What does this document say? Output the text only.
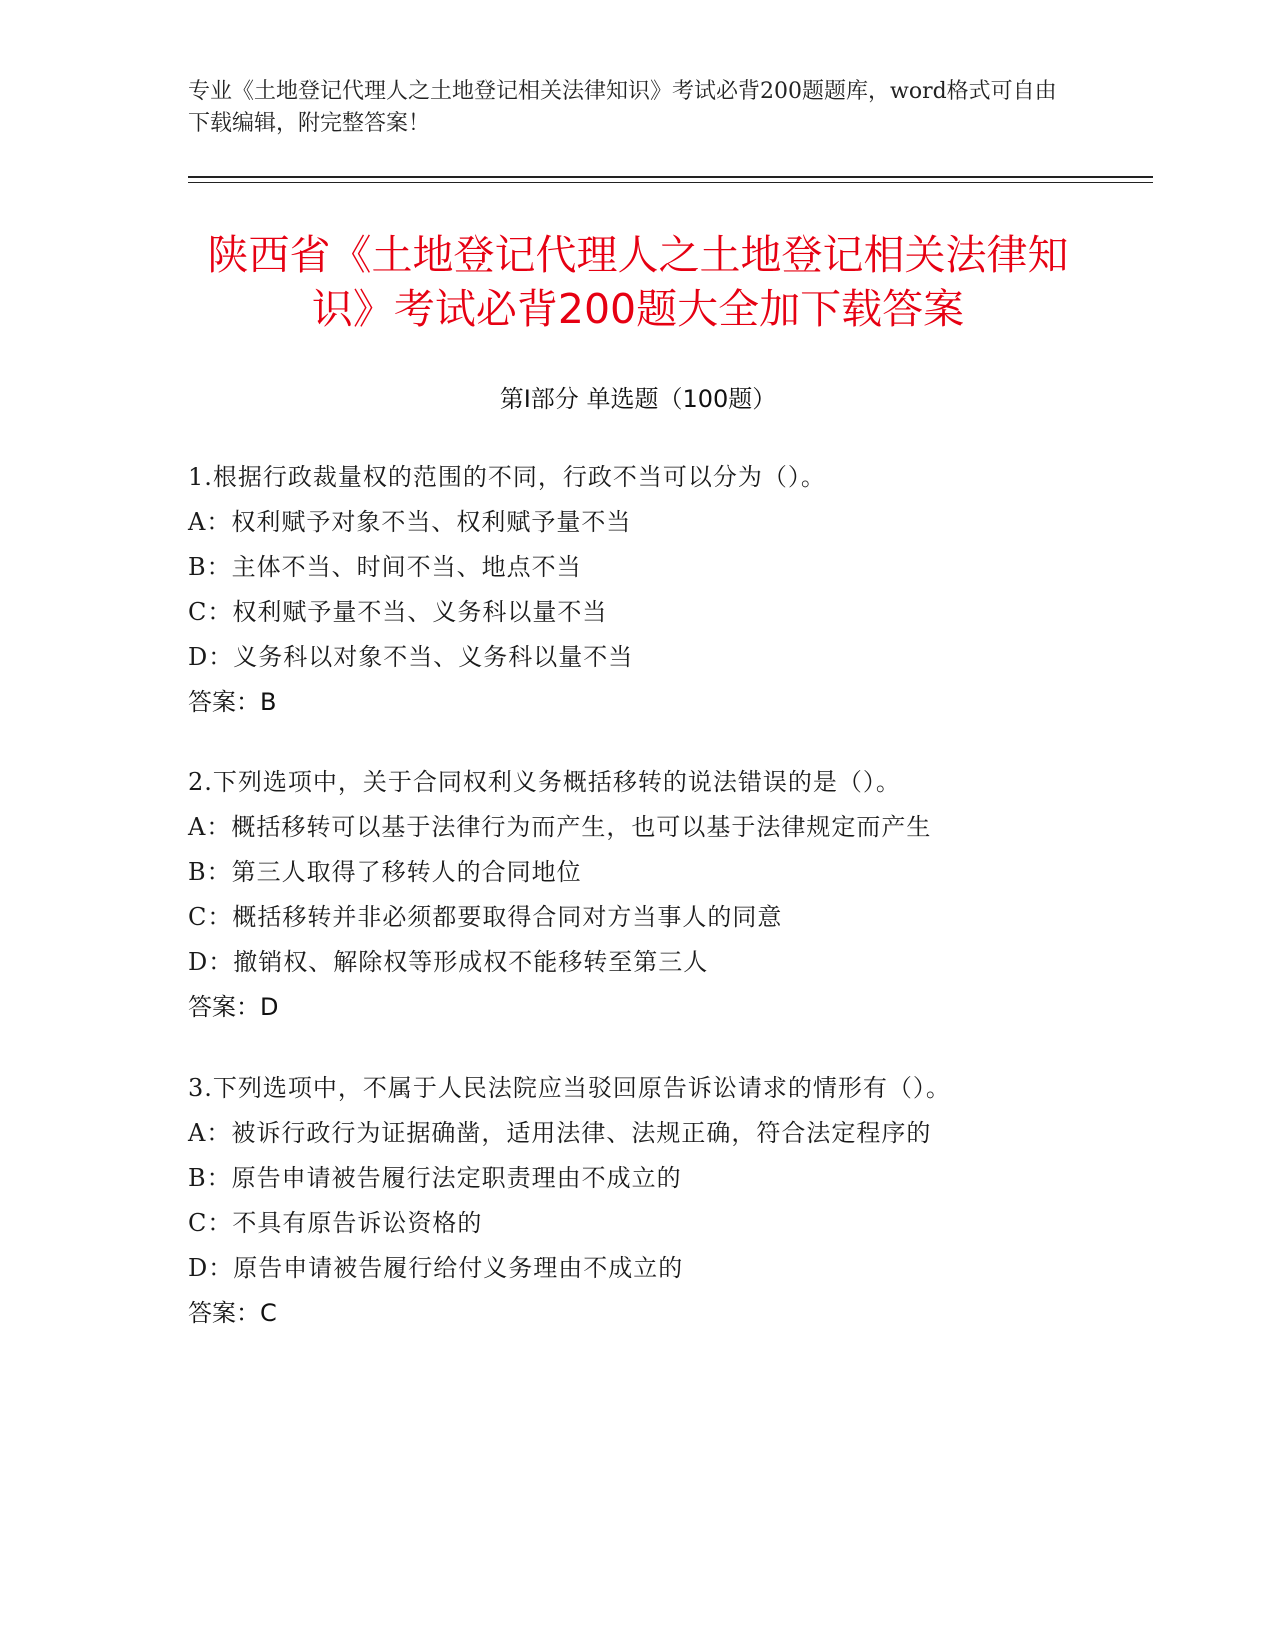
专业《土地登记代理人之土地登记相关法律知识》考试必背200题题库，word格式可自由下载编辑，附完整答案！
陕西省《土地登记代理人之土地登记相关法律知识》考试必背200题大全加下载答案
第Ⅰ部分 单选题（100题）
1.根据行政裁量权的范围的不同，行政不当可以分为（）。
A：权利赋予对象不当、权利赋予量不当
B：主体不当、时间不当、地点不当
C：权利赋予量不当、义务科以量不当
D：义务科以对象不当、义务科以量不当
答案：B
2.下列选项中，关于合同权利义务概括移转的说法错误的是（）。
A：概括移转可以基于法律行为而产生，也可以基于法律规定而产生
B：第三人取得了移转人的合同地位
C：概括移转并非必须都要取得合同对方当事人的同意
D：撤销权、解除权等形成权不能移转至第三人
答案：D
3.下列选项中，不属于人民法院应当驳回原告诉讼请求的情形有（）。
A：被诉行政行为证据确凿，适用法律、法规正确，符合法定程序的
B：原告申请被告履行法定职责理由不成立的
C：不具有原告诉讼资格的
D：原告申请被告履行给付义务理由不成立的
答案：C
